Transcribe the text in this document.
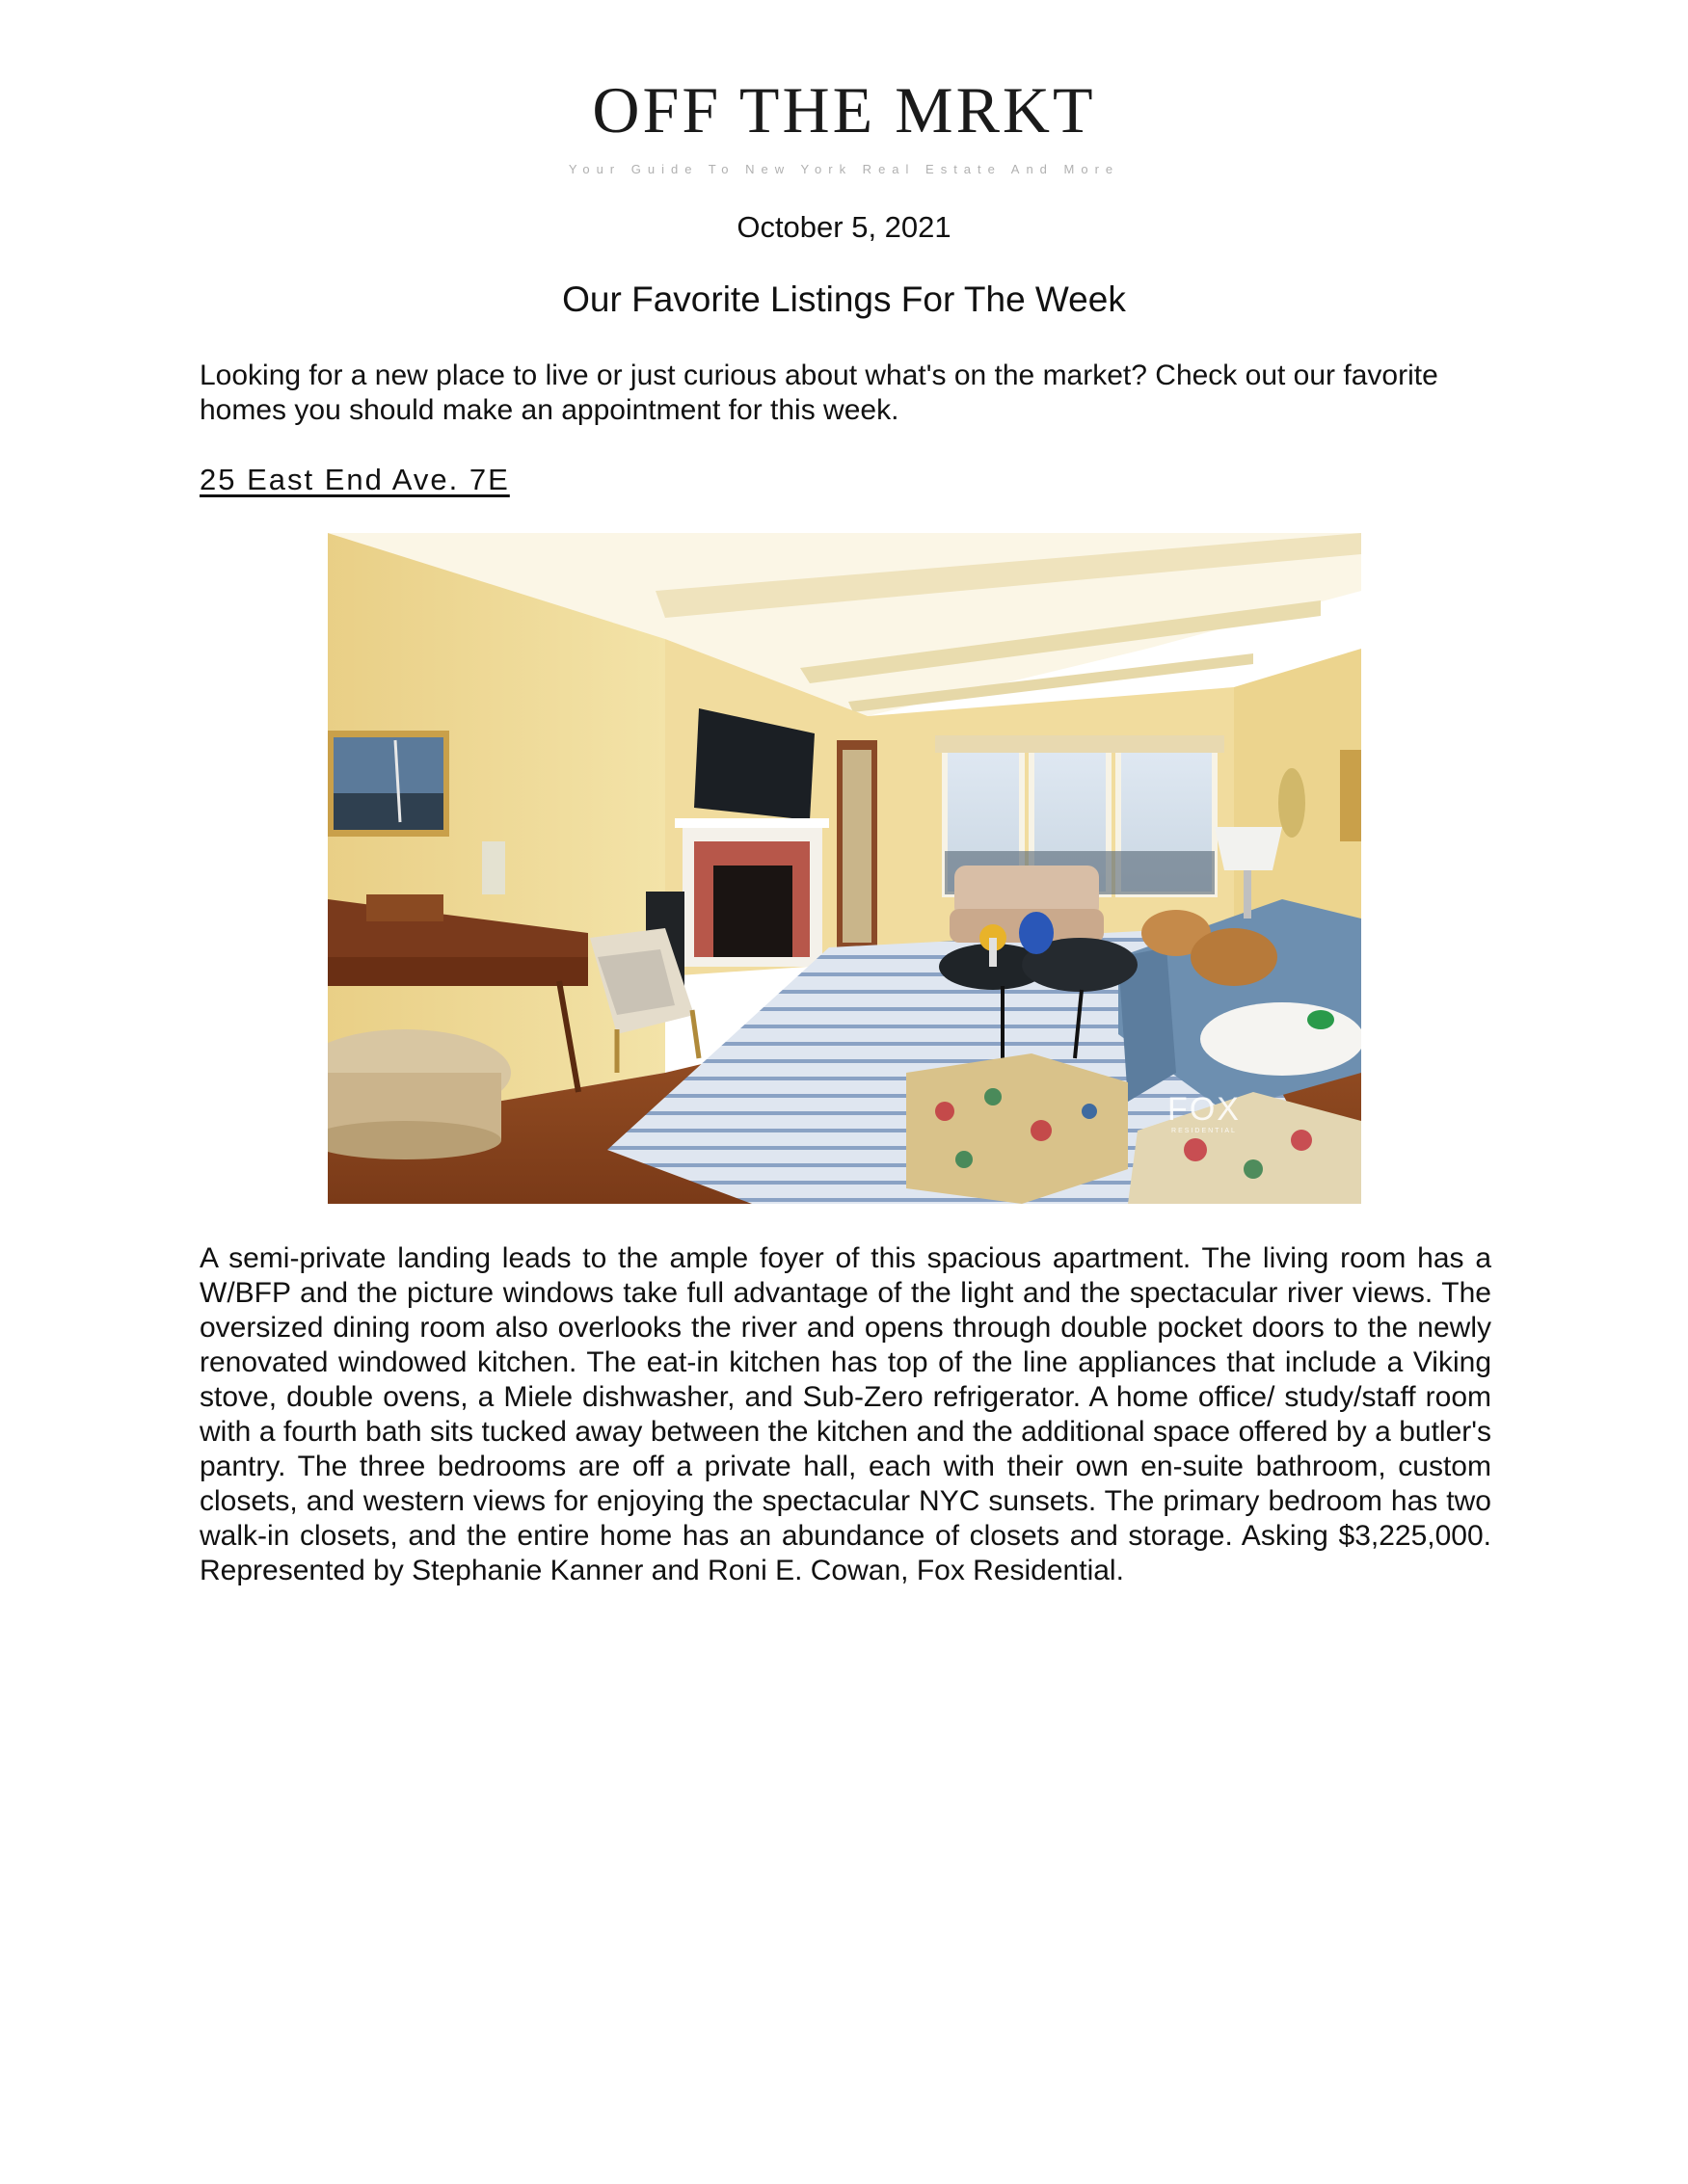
OFF THE MRKT
Your Guide To New York Real Estate And More
October 5, 2021
Our Favorite Listings For The Week
Looking for a new place to live or just curious about what's on the market? Check out our favorite homes you should make an appointment for this week.
25 East End Ave. 7E
FOX
RESIDENTIAL
A semi-private landing leads to the ample foyer of this spacious apartment. The living room has a W/BFP and the picture windows take full advantage of the light and the spectacular river views. The oversized dining room also overlooks the river and opens through double pocket doors to the newly renovated windowed kitchen. The eat-in kitchen has top of the line appliances that include a Viking stove, double ovens, a Miele dishwasher, and Sub-Zero refrigerator. A home office/ study/staff room with a fourth bath sits tucked away between the kitchen and the additional space offered by a butler's pantry. The three bedrooms are off a private hall, each with their own en-suite bathroom, custom closets, and western views for enjoying the spectacular NYC sunsets. The primary bedroom has two walk-in closets, and the entire home has an abundance of closets and storage. Asking $3,225,000. Represented by Stephanie Kanner and Roni E. Cowan, Fox Residential.
